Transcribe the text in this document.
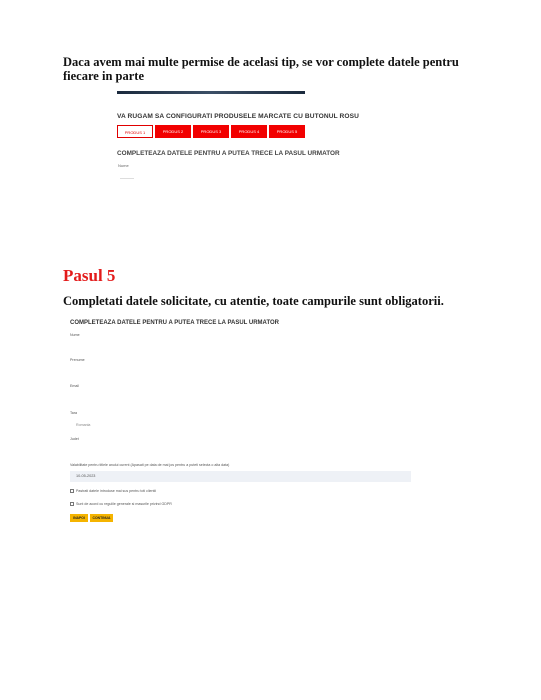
Daca avem mai multe permise de acelasi tip, se vor complete datele pentru fiecare in parte
VA RUGAM SA CONFIGURATI PRODUSELE MARCATE CU BUTONUL ROSU
PRODUS 1	PRODUS 2	PRODUS 3	PRODUS 4	PRODUS 5
COMPLETEAZA DATELE PENTRU A PUTEA TRECE LA PASUL URMATOR
Nume
Pasul 5
Completati datele solicitate, cu atentie, toate campurile sunt obligatorii.
COMPLETEAZA DATELE PENTRU A PUTEA TRECE LA PASUL URMATOR
Nume
Prenume
Email
Tara
Romania
Judet
Valabilitate pentru titlele anului curent (Apasati pe data de mai jos pentru a puteti selecta o alta data)
10-05-2023
Pastrati datele introduse mai sus pentru toti clientii
Sunt de acord cu regulile generale si masurile privind GDPR
INAPOI	CONTINUA
